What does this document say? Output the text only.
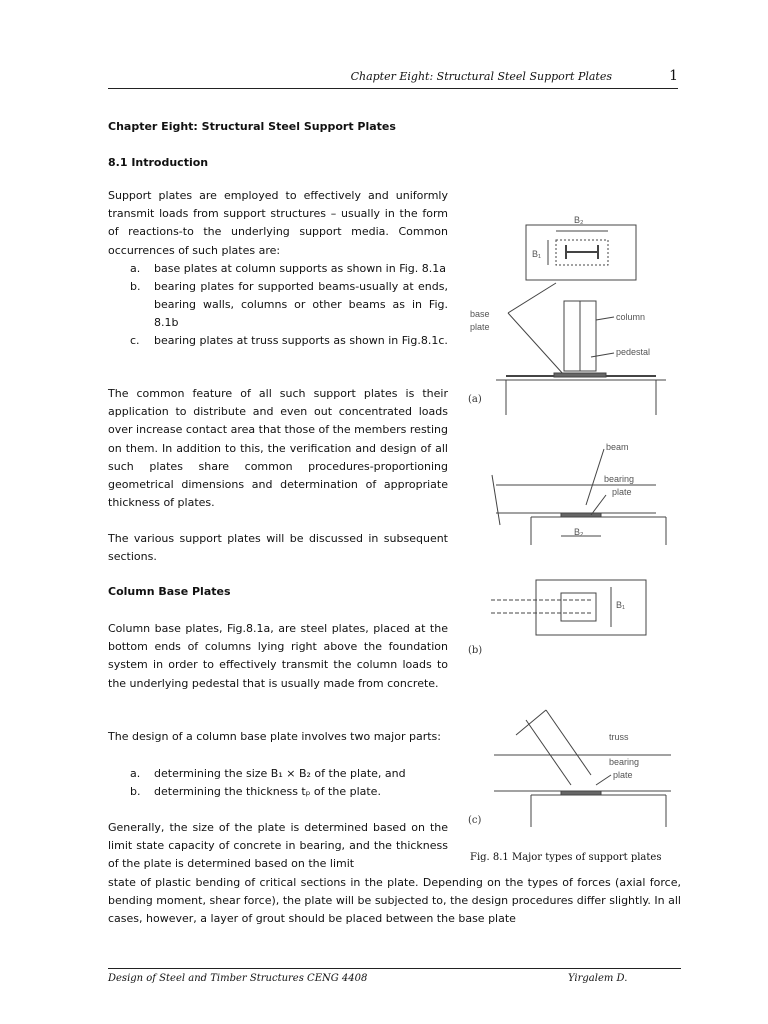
Chapter Eight: Structural Steel Support Plates	1
Chapter Eight: Structural Steel Support Plates
8.1 Introduction

Support plates are employed to effectively and uniformly transmit loads from support structures – usually in the form of reactions-to the underlying support media. Common occurrences of such plates are:

a. base plates at column supports as shown in Fig. 8.1a
b. bearing plates for supported beams-usually at ends, bearing walls, columns or other beams as in Fig. 8.1b
c. bearing plates at truss supports as shown in Fig.8.1c.

The common feature of all such support plates is their application to distribute and even out concentrated loads over increase contact area that those of the members resting on them. In addition to this, the verification and design of all such plates share common procedures-proportioning geometrical dimensions and determination of appropriate thickness of plates.

The various support plates will be discussed in subsequent sections.

Column Base Plates

Column base plates, Fig.8.1a, are steel plates, placed at the bottom ends of columns lying right above the foundation system in order to effectively transmit the column loads to the underlying pedestal that is usually made from concrete.

The design of a column base plate involves two major parts:

a. determining the size B₁ × B₂ of the plate, and
b. determining the thickness tₚ of the plate.

Generally, the size of the plate is determined based on the limit state capacity of concrete in bearing, and the thickness of the plate is determined based on the limit

state of plastic bending of critical sections in the plate. Depending on the types of forces (axial force, bending moment, shear force), the plate will be subjected to, the design procedures differ slightly. In all cases, however, a layer of grout should be placed between the base plate

B₂
B₁
base
plate
column
pedestal
(a)
beam
bearing
plate
B₂
B₁
(b)
truss
bearing
plate
(c)
Fig. 8.1 Major types of support plates
Design of Steel and Timber Structures CENG 4408	Yirgalem D.
